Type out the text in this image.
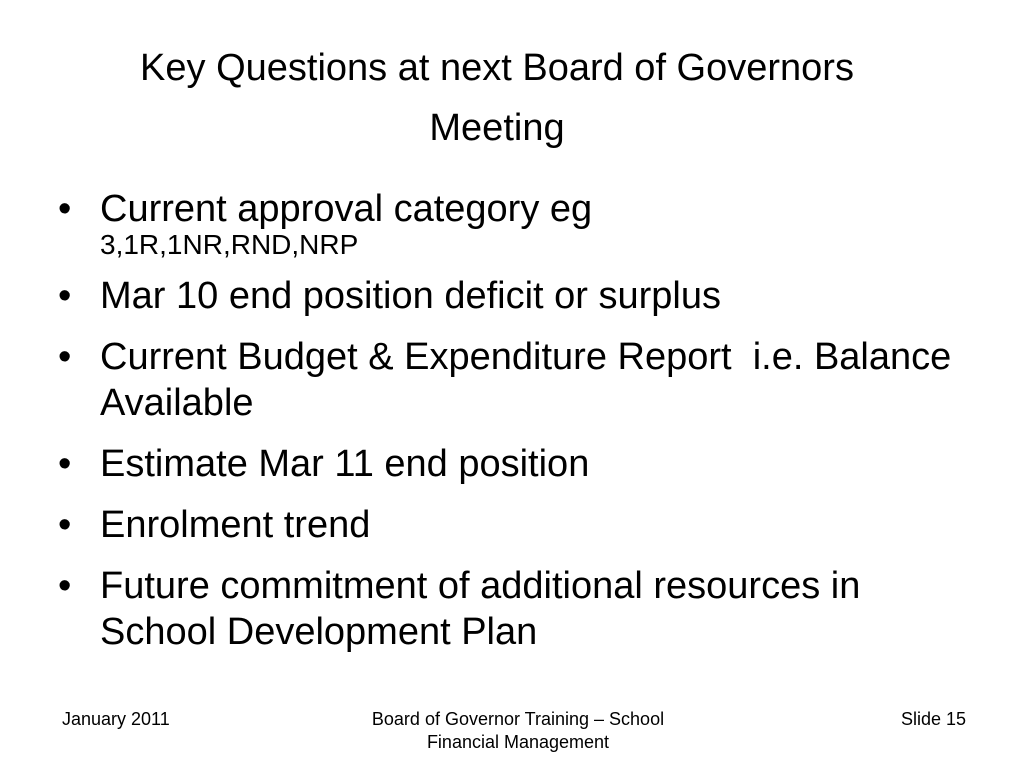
Key Questions at next Board of Governors
Meeting
• Current approval category eg
3,1R,1NR,RND,NRP
• Mar 10 end position deficit or surplus
• Current Budget & Expenditure Report  i.e. Balance Available
• Estimate Mar 11 end position
• Enrolment trend
• Future commitment of additional resources in School Development Plan
January 2011	Board of Governor Training – School
Financial Management
Slide 15
